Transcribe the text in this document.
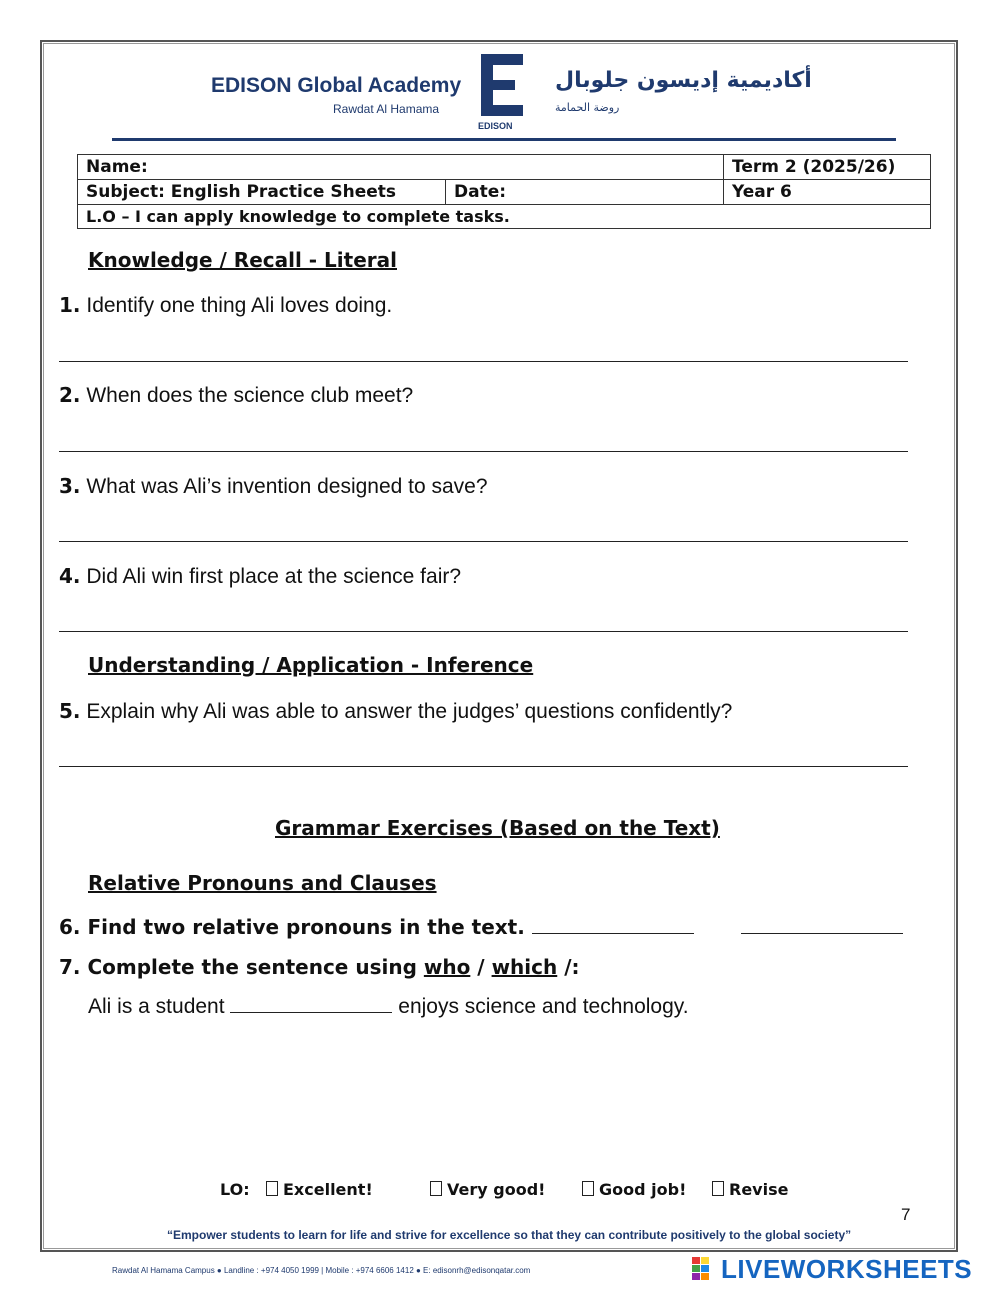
EDISON Global Academy
Rawdat Al Hamama
EDISON
أكاديمية إديسون جلوبال
روضة الحمامة
Name:		Term 2 (2025/26)
Subject: English Practice Sheets	Date:	Year 6
L.O – I can apply knowledge to complete tasks.		
Knowledge / Recall - Literal
1. Identify one thing Ali loves doing.
2. When does the science club meet?
3. What was Ali’s invention designed to save?
4. Did Ali win first place at the science fair?
Understanding / Application - Inference
5. Explain why Ali was able to answer the judges’ questions confidently?
Grammar Exercises (Based on the Text)
Relative Pronouns and Clauses
6. Find two relative pronouns in the text.
7. Complete the sentence using who / which /:
Ali is a student	enjoys science and technology.
LO:	Excellent!	Very good!	Good job!	Revise
7
“Empower students to learn for life and strive for excellence so that they can contribute positively to the global society”
Rawdat Al Hamama Campus ● Landline : +974 4050 1999 | Mobile : +974 6606 1412 ● E: edisonrh@edisonqatar.com	LIVEWORKSHEETS
